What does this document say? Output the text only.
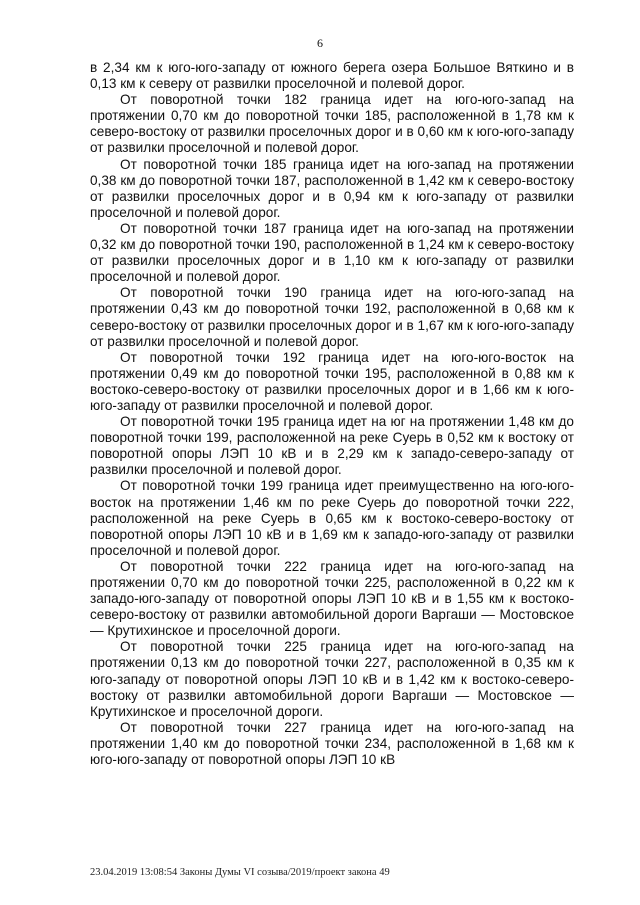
6

в 2,34 км к юго-юго-западу от южного берега озера Большое Вяткино и в 0,13 км к северу от развилки проселочной и полевой дорог.

От поворотной точки 182 граница идет на юго-юго-запад на протяжении 0,70 км до поворотной точки 185, расположенной в 1,78 км к северо-востоку от развилки проселочных дорог и в 0,60 км к юго-юго-западу от развилки проселочной и полевой дорог.

От поворотной точки 185 граница идет на юго-запад на протяжении 0,38 км до поворотной точки 187, расположенной в 1,42 км к северо-востоку от развилки проселочных дорог и в 0,94 км к юго-западу от развилки проселочной и полевой дорог.

От поворотной точки 187 граница идет на юго-запад на протяжении 0,32 км до поворотной точки 190, расположенной в 1,24 км к северо-востоку от развилки проселочных дорог и в 1,10 км к юго-западу от развилки проселочной и полевой дорог.

От поворотной точки 190 граница идет на юго-юго-запад на протяжении 0,43 км до поворотной точки 192, расположенной в 0,68 км к северо-востоку от развилки проселочных дорог и в 1,67 км к юго-юго-западу от развилки проселочной и полевой дорог.

От поворотной точки 192 граница идет на юго-юго-восток на протяжении 0,49 км до поворотной точки 195, расположенной в 0,88 км к востоко-северо-востоку от развилки проселочных дорог и в 1,66 км к юго-юго-западу от развилки проселочной и полевой дорог.

От поворотной точки 195 граница идет на юг на протяжении 1,48 км до поворотной точки 199, расположенной на реке Суерь в 0,52 км к востоку от поворотной опоры ЛЭП 10 кВ и в 2,29 км к западо-северо-западу от развилки проселочной и полевой дорог.

От поворотной точки 199 граница идет преимущественно на юго-юго-восток на протяжении 1,46 км по реке Суерь до поворотной точки 222, расположенной на реке Суерь в 0,65 км к востоко-северо-востоку от поворотной опоры ЛЭП 10 кВ и в 1,69 км к западо-юго-западу от развилки проселочной и полевой дорог.

От поворотной точки 222 граница идет на юго-юго-запад на протяжении 0,70 км до поворотной точки 225, расположенной в 0,22 км к западо-юго-западу от поворотной опоры ЛЭП 10 кВ и в 1,55 км к востоко-северо-востоку от развилки автомобильной дороги Варгаши — Мостовское — Крутихинское и проселочной дороги.

От поворотной точки 225 граница идет на юго-юго-запад на протяжении 0,13 км до поворотной точки 227, расположенной в 0,35 км к юго-западу от поворотной опоры ЛЭП 10 кВ и в 1,42 км к востоко-северо-востоку от развилки автомобильной дороги Варгаши — Мостовское — Крутихинское и проселочной дороги.

От поворотной точки 227 граница идет на юго-юго-запад на протяжении 1,40 км до поворотной точки 234, расположенной в 1,68 км к юго-юго-западу от поворотной опоры ЛЭП 10 кВ

23.04.2019 13:08:54 Законы Думы VI созыва/2019/проект закона 49
